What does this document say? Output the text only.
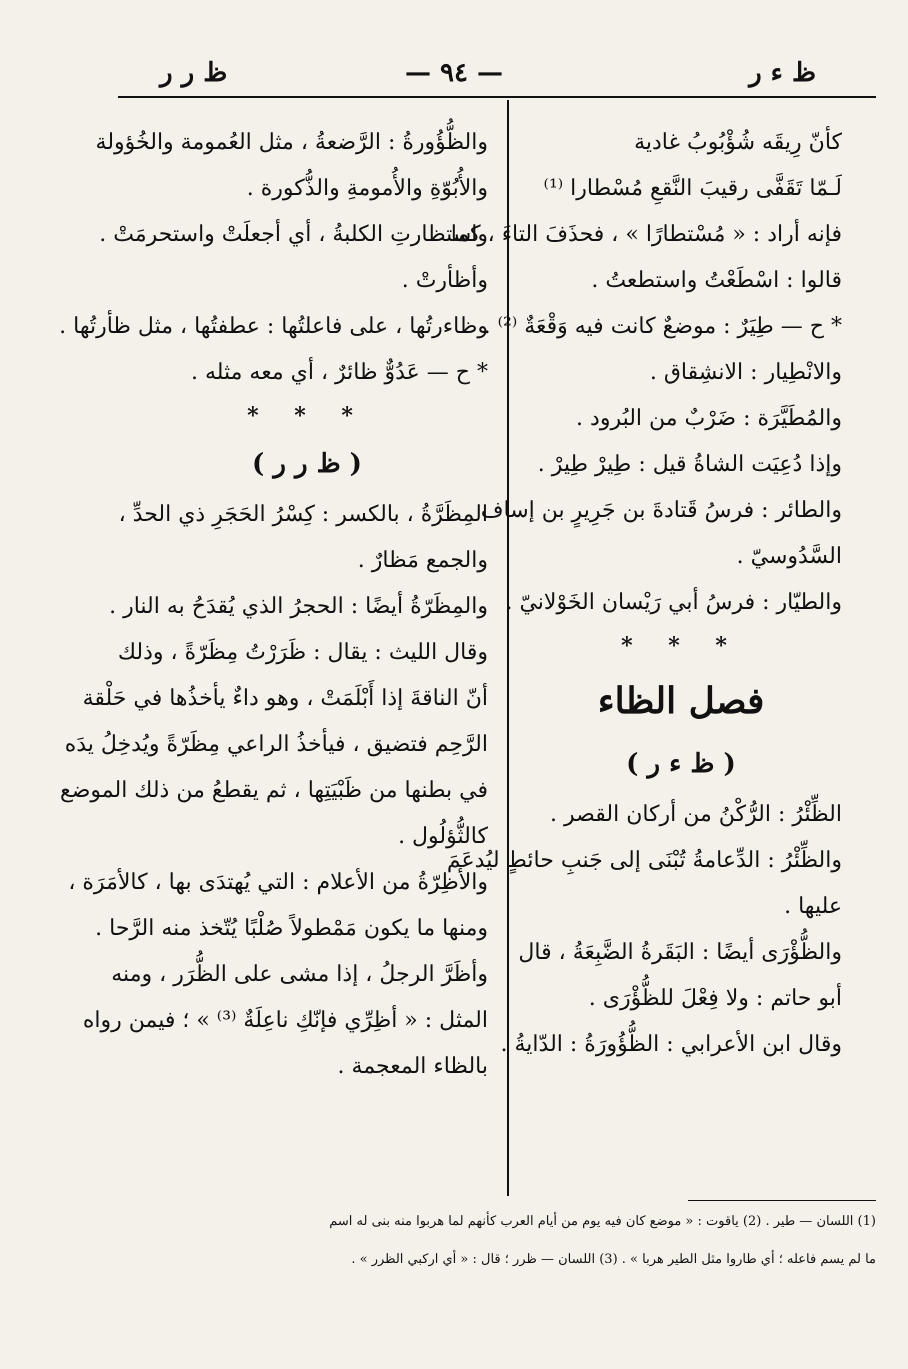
ظ ء ر
— ٩٤ —
ظ ر ر
كأنّ رِيقَه شُؤْبُوبُ غادية
لَـمّا تَقَفَّى رقيبَ النَّقعِ مُسْطارا ⁽¹⁾
فإنه أراد : « مُسْتطارًا » ، فحذَفَ التاءَ ، كما
قالوا : اسْطَعْتُ واستطعتُ .
* ح — طِيَرٌ : موضعٌ كانت فيه وَقْعَةٌ ⁽²⁾ .
والانْطِيار : الانشِقاق .
والمُطَيَّرَة : ضَرْبٌ من البُرود .
وإذا دُعِيَت الشاةُ قيل : طِيرْ طِيرْ .
والطائر : فرسُ قَتادةَ بن جَرِيرٍ بن إساف
السَّدُوسيّ .
والطيّار : فرسُ أبي رَيْسان الخَوْلانيّ .
* * *
فصل الظاء
( ظ ء ر )
الظِّئْرُ : الرُّكْنُ من أركان القصر .
والظِّئْرُ : الدِّعامةُ تُبْنَى إلى جَنبِ حائطٍ ليُدعَمَ
عليها .
والظُّؤْرَى أيضًا : البَقَرةُ الضَّبِعَةُ ، قال
أبو حاتم : ولا فِعْلَ للظُّؤْرَى .
وقال ابن الأعرابي : الظُّؤُورَةُ : الدّايةُ .
والظُّؤُورةُ : الرَّضعةُ ، مثل العُمومة والخُؤولة
والأُبُوّةِ والأُمومةِ والذُّكورة .
واستظارتِ الكلبةُ ، أي أجعلَتْ واستحرمَتْ .
وأظأرتْ .
وظاءرتُها ، على فاعلتُها : عطفتُها ، مثل ظأرتُها .
* ح — عَدُوٌّ ظائرٌ ، أي معه مثله .
* * *
( ظ ر ر )
المِظَرَّةُ ، بالكسر : كِسْرُ الحَجَرِ ذي الحدِّ ،
والجمع مَظارٌ .
والمِظَرّةُ أيضًا : الحجرُ الذي يُقدَحُ به النار .
وقال الليث : يقال : ظَرَرْتُ مِظَرّةً ، وذلك
أنّ الناقةَ إذا أَبْلَمَتْ ، وهو داءٌ يأخذُها في حَلْقة
الرَّحِم فتضيق ، فيأخذُ الراعي مِظَرّةً ويُدخِلُ يدَه
في بطنها من ظَبْيَتِها ، ثم يقطعُ من ذلك الموضع
كالثُّؤلُول .
والأظِرّةُ من الأعلام : التي يُهتدَى بها ، كالأمَرَة ،
ومنها ما يكون مَمْطولاً صُلْبًا يُتّخذ منه الرَّحا .
وأظَرَّ الرجلُ ، إذا مشى على الظُّرَر ، ومنه
المثل : « أظِرِّي فإنّكِ ناعِلَةٌ ⁽³⁾ » ؛ فيمن رواه
بالظاء المعجمة .
(1) اللسان — طير . (2) ياقوت : « موضع كان فيه يوم من أيام العرب كأنهم لما هربوا منه بنى له اسم
ما لم يسم فاعله ؛ أي طاروا مثل الطير هربا » . (3) اللسان — ظرر ؛ قال : « أي اركبي الظرر » .
